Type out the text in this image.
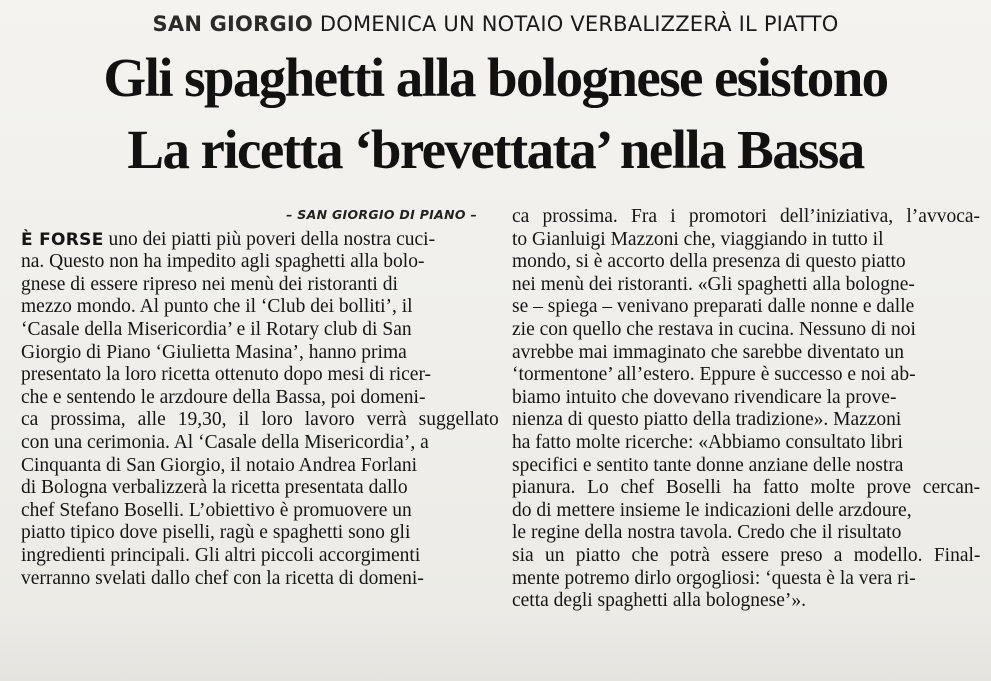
SAN GIORGIO DOMENICA UN NOTAIO VERBALIZZERÀ IL PIATTO
Gli spaghetti alla bolognese esistono
La ricetta ‘brevettata’ nella Bassa
– SAN GIORGIO DI PIANO –
È FORSE uno dei piatti più poveri della nostra cuci-
na. Questo non ha impedito agli spaghetti alla bolo-
gnese di essere ripreso nei menù dei ristoranti di
mezzo mondo. Al punto che il ‘Club dei bolliti’, il
‘Casale della Misericordia’ e il Rotary club di San
Giorgio di Piano ‘Giulietta Masina’, hanno prima
presentato la loro ricetta ottenuto dopo mesi di ricer-
che e sentendo le arzdoure della Bassa, poi domeni-
ca prossima, alle 19,30, il loro lavoro verrà suggellato
con una cerimonia. Al ‘Casale della Misericordia’, a
Cinquanta di San Giorgio, il notaio Andrea Forlani
di Bologna verbalizzerà la ricetta presentata dallo
chef Stefano Boselli. L’obiettivo è promuovere un
piatto tipico dove piselli, ragù e spaghetti sono gli
ingredienti principali. Gli altri piccoli accorgimenti
verranno svelati dallo chef con la ricetta di domeni-
ca prossima. Fra i promotori dell’iniziativa, l’avvoca-
to Gianluigi Mazzoni che, viaggiando in tutto il
mondo, si è accorto della presenza di questo piatto
nei menù dei ristoranti. «Gli spaghetti alla bologne-
se – spiega – venivano preparati dalle nonne e dalle
zie con quello che restava in cucina. Nessuno di noi
avrebbe mai immaginato che sarebbe diventato un
‘tormentone’ all’estero. Eppure è successo e noi ab-
biamo intuito che dovevano rivendicare la prove-
nienza di questo piatto della tradizione». Mazzoni
ha fatto molte ricerche: «Abbiamo consultato libri
specifici e sentito tante donne anziane delle nostra
pianura. Lo chef Boselli ha fatto molte prove cercan-
do di mettere insieme le indicazioni delle arzdoure,
le regine della nostra tavola. Credo che il risultato
sia un piatto che potrà essere preso a modello. Final-
mente potremo dirlo orgogliosi: ‘questa è la vera ri-
cetta degli spaghetti alla bolognese’».
